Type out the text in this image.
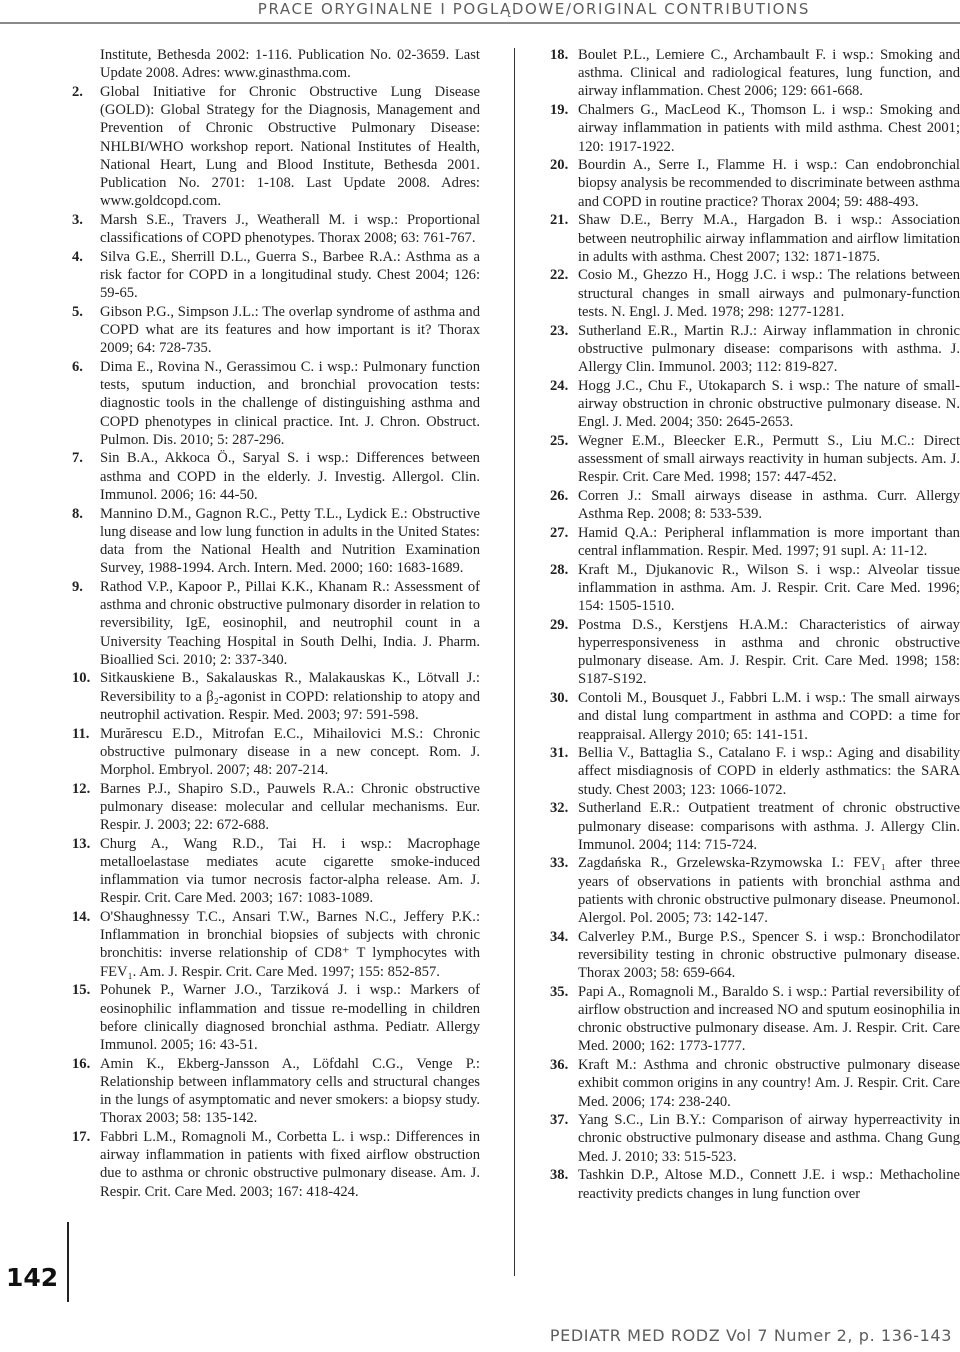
PRACE ORYGINALNE I POGLĄDOWE/ORIGINAL CONTRIBUTIONS
142
Institute, Bethesda 2002: 1-116. Publication No. 02-3659. Last Update 2008. Adres: www.ginasthma.com.
2. Global Initiative for Chronic Obstructive Lung Disease (GOLD): Global Strategy for the Diagnosis, Management and Prevention of Chronic Obstructive Pulmonary Disease: NHLBI/WHO workshop report. National Institutes of Health, National Heart, Lung and Blood Institute, Bethesda 2001. Publication No. 2701: 1-108. Last Update 2008. Adres: www.goldcopd.com.
3. Marsh S.E., Travers J., Weatherall M. i wsp.: Proportional classifications of COPD phenotypes. Thorax 2008; 63: 761-767.
4. Silva G.E., Sherrill D.L., Guerra S., Barbee R.A.: Asthma as a risk factor for COPD in a longitudinal study. Chest 2004; 126: 59-65.
5. Gibson P.G., Simpson J.L.: The overlap syndrome of asthma and COPD what are its features and how important is it? Thorax 2009; 64: 728-735.
6. Dima E., Rovina N., Gerassimou C. i wsp.: Pulmonary function tests, sputum induction, and bronchial provocation tests: diagnostic tools in the challenge of distinguishing asthma and COPD phenotypes in clinical practice. Int. J. Chron. Obstruct. Pulmon. Dis. 2010; 5: 287-296.
7. Sin B.A., Akkoca Ö., Saryal S. i wsp.: Differences between asthma and COPD in the elderly. J. Investig. Allergol. Clin. Immunol. 2006; 16: 44-50.
8. Mannino D.M., Gagnon R.C., Petty T.L., Lydick E.: Obstructive lung disease and low lung function in adults in the United States: data from the National Health and Nutrition Examination Survey, 1988-1994. Arch. Intern. Med. 2000; 160: 1683-1689.
9. Rathod V.P., Kapoor P., Pillai K.K., Khanam R.: Assessment of asthma and chronic obstructive pulmonary disorder in relation to reversibility, IgE, eosinophil, and neutrophil count in a University Teaching Hospital in South Delhi, India. J. Pharm. Bioallied Sci. 2010; 2: 337-340.
10. Sitkauskiene B., Sakalauskas R., Malakauskas K., Lötvall J.: Reversibility to a β₂-agonist in COPD: relationship to atopy and neutrophil activation. Respir. Med. 2003; 97: 591-598.
11. Murărescu E.D., Mitrofan E.C., Mihailovici M.S.: Chronic obstructive pulmonary disease in a new concept. Rom. J. Morphol. Embryol. 2007; 48: 207-214.
12. Barnes P.J., Shapiro S.D., Pauwels R.A.: Chronic obstructive pulmonary disease: molecular and cellular mechanisms. Eur. Respir. J. 2003; 22: 672-688.
13. Churg A., Wang R.D., Tai H. i wsp.: Macrophage metalloelastase mediates acute cigarette smoke-induced inflammation via tumor necrosis factor-alpha release. Am. J. Respir. Crit. Care Med. 2003; 167: 1083-1089.
14. O'Shaughnessy T.C., Ansari T.W., Barnes N.C., Jeffery P.K.: Inflammation in bronchial biopsies of subjects with chronic bronchitis: inverse relationship of CD8⁺ T lymphocytes with FEV₁. Am. J. Respir. Crit. Care Med. 1997; 155: 852-857.
15. Pohunek P., Warner J.O., Tarziková J. i wsp.: Markers of eosinophilic inflammation and tissue re-modelling in children before clinically diagnosed bronchial asthma. Pediatr. Allergy Immunol. 2005; 16: 43-51.
16. Amin K., Ekberg-Jansson A., Löfdahl C.G., Venge P.: Relationship between inflammatory cells and structural changes in the lungs of asymptomatic and never smokers: a biopsy study. Thorax 2003; 58: 135-142.
17. Fabbri L.M., Romagnoli M., Corbetta L. i wsp.: Differences in airway inflammation in patients with fixed airflow obstruction due to asthma or chronic obstructive pulmonary disease. Am. J. Respir. Crit. Care Med. 2003; 167: 418-424.
18. Boulet P.L., Lemiere C., Archambault F. i wsp.: Smoking and asthma. Clinical and radiological features, lung function, and airway inflammation. Chest 2006; 129: 661-668.
19. Chalmers G., MacLeod K., Thomson L. i wsp.: Smoking and airway inflammation in patients with mild asthma. Chest 2001; 120: 1917-1922.
20. Bourdin A., Serre I., Flamme H. i wsp.: Can endobronchial biopsy analysis be recommended to discriminate between asthma and COPD in routine practice? Thorax 2004; 59: 488-493.
21. Shaw D.E., Berry M.A., Hargadon B. i wsp.: Association between neutrophilic airway inflammation and airflow limitation in adults with asthma. Chest 2007; 132: 1871-1875.
22. Cosio M., Ghezzo H., Hogg J.C. i wsp.: The relations between structural changes in small airways and pulmonary-function tests. N. Engl. J. Med. 1978; 298: 1277-1281.
23. Sutherland E.R., Martin R.J.: Airway inflammation in chronic obstructive pulmonary disease: comparisons with asthma. J. Allergy Clin. Immunol. 2003; 112: 819-827.
24. Hogg J.C., Chu F., Utokaparch S. i wsp.: The nature of small-airway obstruction in chronic obstructive pulmonary disease. N. Engl. J. Med. 2004; 350: 2645-2653.
25. Wegner E.M., Bleecker E.R., Permutt S., Liu M.C.: Direct assessment of small airways reactivity in human subjects. Am. J. Respir. Crit. Care Med. 1998; 157: 447-452.
26. Corren J.: Small airways disease in asthma. Curr. Allergy Asthma Rep. 2008; 8: 533-539.
27. Hamid Q.A.: Peripheral inflammation is more important than central inflammation. Respir. Med. 1997; 91 supl. A: 11-12.
28. Kraft M., Djukanovic R., Wilson S. i wsp.: Alveolar tissue inflammation in asthma. Am. J. Respir. Crit. Care Med. 1996; 154: 1505-1510.
29. Postma D.S., Kerstjens H.A.M.: Characteristics of airway hyperresponsiveness in asthma and chronic obstructive pulmonary disease. Am. J. Respir. Crit. Care Med. 1998; 158: S187-S192.
30. Contoli M., Bousquet J., Fabbri L.M. i wsp.: The small airways and distal lung compartment in asthma and COPD: a time for reappraisal. Allergy 2010; 65: 141-151.
31. Bellia V., Battaglia S., Catalano F. i wsp.: Aging and disability affect misdiagnosis of COPD in elderly asthmatics: the SARA study. Chest 2003; 123: 1066-1072.
32. Sutherland E.R.: Outpatient treatment of chronic obstructive pulmonary disease: comparisons with asthma. J. Allergy Clin. Immunol. 2004; 114: 715-724.
33. Zagdańska R., Grzelewska-Rzymowska I.: FEV₁ after three years of observations in patients with bronchial asthma and patients with chronic obstructive pulmonary disease. Pneumonol. Alergol. Pol. 2005; 73: 142-147.
34. Calverley P.M., Burge P.S., Spencer S. i wsp.: Bronchodilator reversibility testing in chronic obstructive pulmonary disease. Thorax 2003; 58: 659-664.
35. Papi A., Romagnoli M., Baraldo S. i wsp.: Partial reversibility of airflow obstruction and increased NO and sputum eosinophilia in chronic obstructive pulmonary disease. Am. J. Respir. Crit. Care Med. 2000; 162: 1773-1777.
36. Kraft M.: Asthma and chronic obstructive pulmonary disease exhibit common origins in any country! Am. J. Respir. Crit. Care Med. 2006; 174: 238-240.
37. Yang S.C., Lin B.Y.: Comparison of airway hyperreactivity in chronic obstructive pulmonary disease and asthma. Chang Gung Med. J. 2010; 33: 515-523.
38. Tashkin D.P., Altose M.D., Connett J.E. i wsp.: Methacholine reactivity predicts changes in lung function over
PEDIATR MED RODZ Vol 7 Numer 2, p. 136-143
